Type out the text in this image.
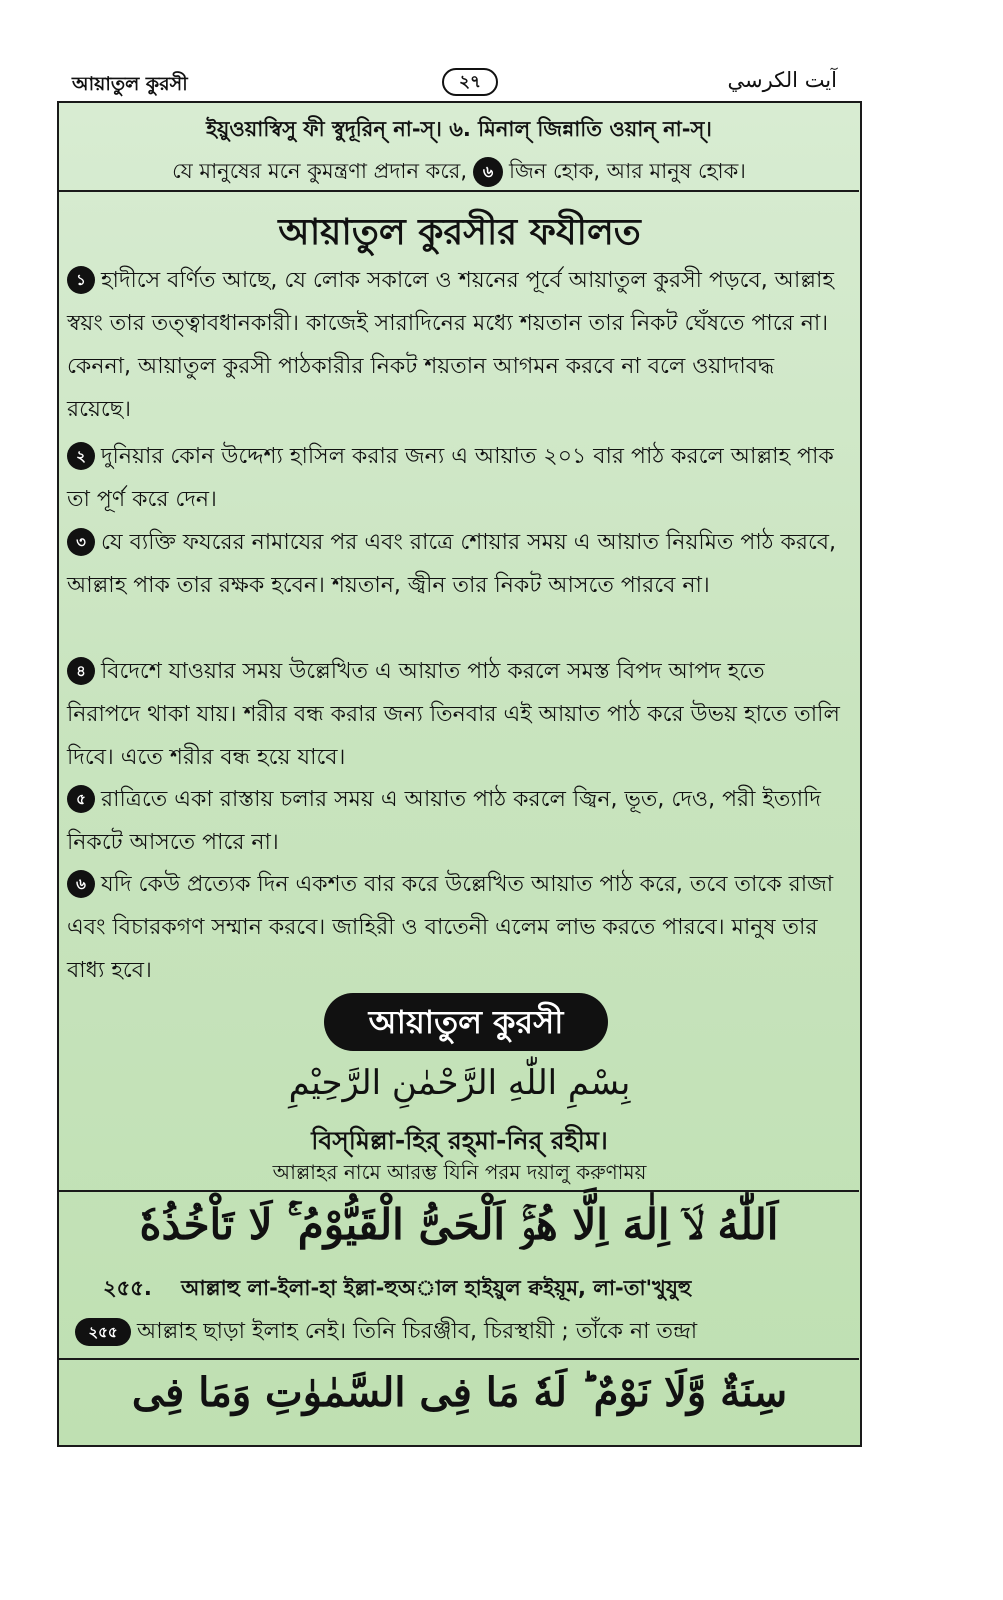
আয়াতুল কুরসী	২৭	آيت الكرسي
ইয়ুওয়াস্বিসু ফী স্বুদূরিন্ না-স্। ৬. মিনাল্ জিন্নাতি ওয়ান্ না-স্।
যে মানুষের মনে কুমন্ত্রণা প্রদান করে, ৬ জিন হোক, আর মানুষ হোক।
আয়াতুল কুরসীর ফযীলত
১ হাদীসে বর্ণিত আছে, যে লোক সকালে ও শয়নের পূর্বে আয়াতুল কুরসী পড়বে, আল্লাহ স্বয়ং তার তত্ত্বাবধানকারী। কাজেই সারাদিনের মধ্যে শয়তান তার নিকট ঘেঁষতে পারে না। কেননা, আয়াতুল কুরসী পাঠকারীর নিকট শয়তান আগমন করবে না বলে ওয়াদাবদ্ধ রয়েছে।
২ দুনিয়ার কোন উদ্দেশ্য হাসিল করার জন্য এ আয়াত ২০১ বার পাঠ করলে আল্লাহ পাক তা পূর্ণ করে দেন।
৩ যে ব্যক্তি ফযরের নামাযের পর এবং রাত্রে শোয়ার সময় এ আয়াত নিয়মিত পাঠ করবে, আল্লাহ পাক তার রক্ষক হবেন। শয়তান, জ্বীন তার নিকট আসতে পারবে না।
৪ বিদেশে যাওয়ার সময় উল্লেখিত এ আয়াত পাঠ করলে সমস্ত বিপদ আপদ হতে নিরাপদে থাকা যায়। শরীর বন্ধ করার জন্য তিনবার এই আয়াত পাঠ করে উভয় হাতে তালি দিবে। এতে শরীর বন্ধ হয়ে যাবে।
৫ রাত্রিতে একা রাস্তায় চলার সময় এ আয়াত পাঠ করলে জ্বিন, ভূত, দেও, পরী ইত্যাদি নিকটে আসতে পারে না।
৬ যদি কেউ প্রত্যেক দিন একশত বার করে উল্লেখিত আয়াত পাঠ করে, তবে তাকে রাজা এবং বিচারকগণ সম্মান করবে। জাহিরী ও বাতেনী এলেম লাভ করতে পারবে। মানুষ তার বাধ্য হবে।
আয়াতুল কুরসী
بِسْمِ اللّٰهِ الرَّحْمٰنِ الرَّحِيْمِ
বিস্‌মিল্লা-হির্ রহ্‌মা-নির্ রহীম।
আল্লাহর নামে আরম্ভ যিনি পরম দয়ালু করুণাময়
اَللّٰهُ لَاۤ اِلٰهَ اِلَّا هُوَۚ اَلْحَیُّ الْقَیُّوْمُ ۚ۬ لَا تَاْخُذُهٗ
২৫৫. আল্লাহু লা-ইলা-হা ইল্লা-হুঅাল হাইয়ুল ক্বইয়ূম, লা-তা'খুযুহু
২৫৫ আল্লাহ ছাড়া ইলাহ নেই। তিনি চিরঞ্জীব, চিরস্থায়ী ; তাঁকে না তন্দ্রা
سِنَةٌ وَّلَا نَوْمٌ ؕ لَهٗ مَا فِی السَّمٰوٰتِ وَمَا فِی
